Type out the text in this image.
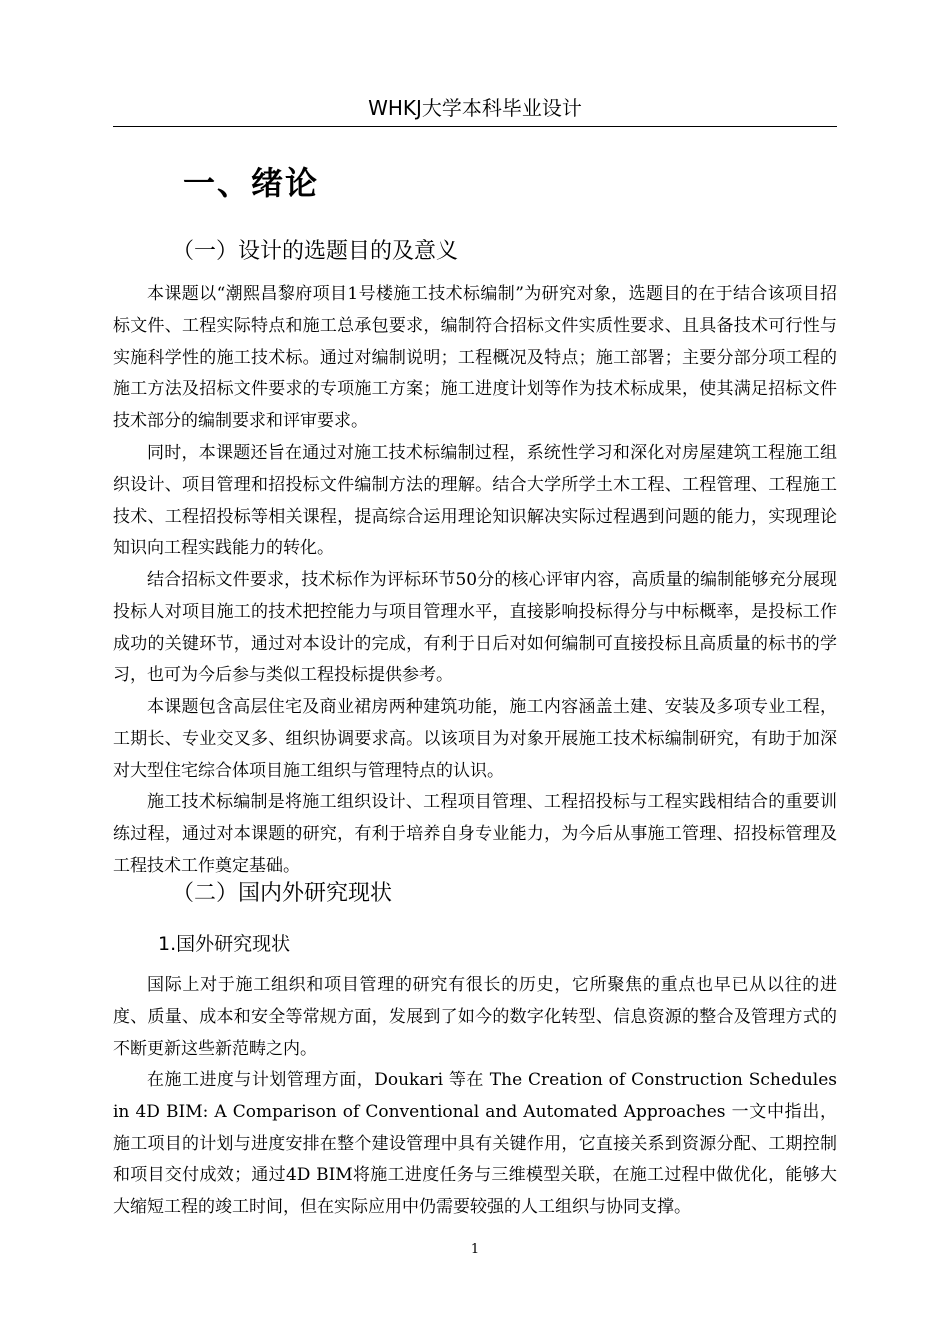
WHKJ大学本科毕业设计
一、绪论
（一）设计的选题目的及意义

本课题以“潮熙昌黎府项目1号楼施工技术标编制”为研究对象，选题目的在于结合该项目招标文件、工程实际特点和施工总承包要求，编制符合招标文件实质性要求、且具备技术可行性与实施科学性的施工技术标。通过对编制说明；工程概况及特点；施工部署；主要分部分项工程的施工方法及招标文件要求的专项施工方案；施工进度计划等作为技术标成果，使其满足招标文件技术部分的编制要求和评审要求。

同时，本课题还旨在通过对施工技术标编制过程，系统性学习和深化对房屋建筑工程施工组织设计、项目管理和招投标文件编制方法的理解。结合大学所学土木工程、工程管理、工程施工技术、工程招投标等相关课程，提高综合运用理论知识解决实际过程遇到问题的能力，实现理论知识向工程实践能力的转化。

结合招标文件要求，技术标作为评标环节50分的核心评审内容，高质量的编制能够充分展现投标人对项目施工的技术把控能力与项目管理水平，直接影响投标得分与中标概率，是投标工作成功的关键环节，通过对本设计的完成，有利于日后对如何编制可直接投标且高质量的标书的学习，也可为今后参与类似工程投标提供参考。

本课题包含高层住宅及商业裙房两种建筑功能，施工内容涵盖土建、安装及多项专业工程，工期长、专业交叉多、组织协调要求高。以该项目为对象开展施工技术标编制研究，有助于加深对大型住宅综合体项目施工组织与管理特点的认识。

施工技术标编制是将施工组织设计、工程项目管理、工程招投标与工程实践相结合的重要训练过程，通过对本课题的研究，有利于培养自身专业能力，为今后从事施工管理、招投标管理及工程技术工作奠定基础。

（二）国内外研究现状
1.国外研究现状

国际上对于施工组织和项目管理的研究有很长的历史，它所聚焦的重点也早已从以往的进度、质量、成本和安全等常规方面，发展到了如今的数字化转型、信息资源的整合及管理方式的不断更新这些新范畴之内。

在施工进度与计划管理方面，Doukari 等在 The Creation of Construction Schedules in 4D BIM: A Comparison of Conventional and Automated Approaches 一文中指出，施工项目的计划与进度安排在整个建设管理中具有关键作用，它直接关系到资源分配、工期控制和项目交付成效；通过4D BIM将施工进度任务与三维模型关联，在施工过程中做优化，能够大大缩短工程的竣工时间，但在实际应用中仍需要较强的人工组织与协同支撑。

1
